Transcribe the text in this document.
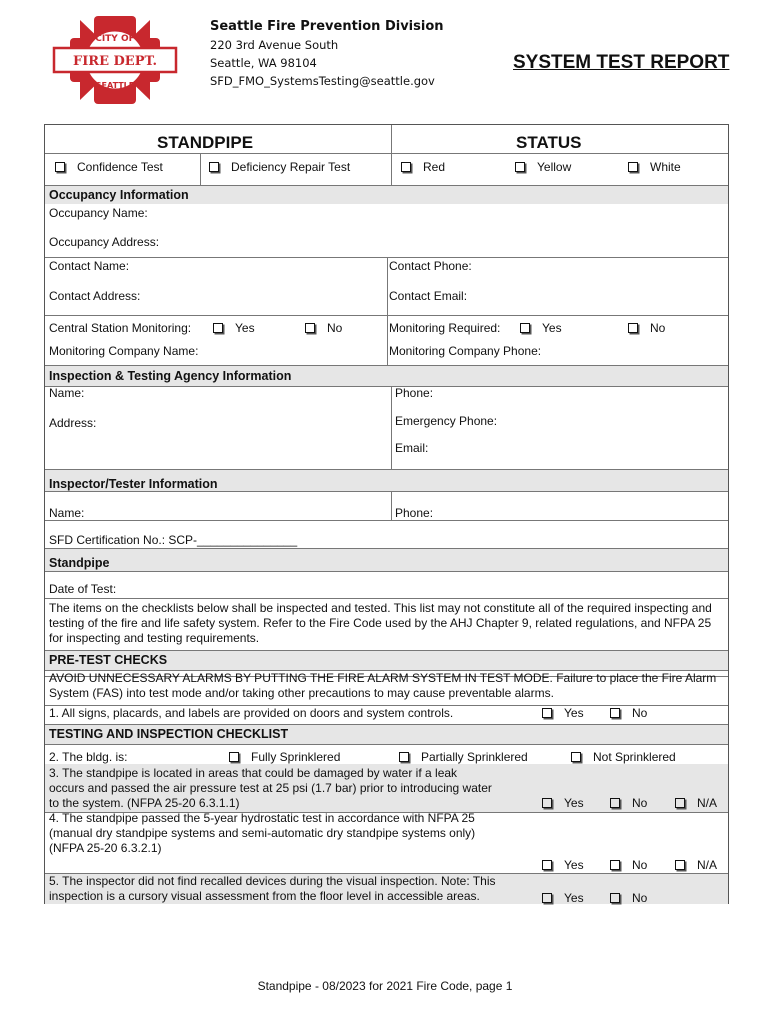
CITY OF
FIRE DEPT.
SEATTLE
Seattle Fire Prevention Division
220 3rd Avenue South
Seattle, WA 98104
SFD_FMO_SystemsTesting@seattle.gov
SYSTEM TEST REPORT
STANDPIPE	STATUS
Confidence Test	Deficiency Repair Test	Red	Yellow	White
Occupancy Information
Occupancy Name:
Occupancy Address:
Contact Name:	Contact Phone:
Contact Address:	Contact Email:
Central Station Monitoring:	Yes	No	Monitoring Required:	Yes	No
Monitoring Company Name:	Monitoring Company Phone:
Inspection & Testing Agency Information
Name:	Phone:
Address:	Emergency Phone:
Email:
Inspector/Tester Information
Name:	Phone:
SFD Certification No.: SCP-_______________
Standpipe
Date of Test:
The items on the checklists below shall be inspected and tested. This list may not constitute all of the required inspecting and testing of the fire and life safety system. Refer to the Fire Code used by the AHJ Chapter 9, related regulations, and NFPA 25 for inspecting and testing requirements.
PRE-TEST CHECKS
AVOID UNNECESSARY ALARMS BY PUTTING THE FIRE ALARM SYSTEM IN TEST MODE. Failure to place the Fire Alarm System (FAS) into test mode and/or taking other precautions to may cause preventable alarms.
1. All signs, placards, and labels are provided on doors and system controls.	Yes	No
TESTING AND INSPECTION CHECKLIST
2. The bldg. is:	Fully Sprinklered	Partially Sprinklered	Not Sprinklered
3. The standpipe is located in areas that could be damaged by water if a leak occurs and passed the air pressure test at 25 psi (1.7 bar) prior to introducing water to the system. (NFPA 25-20 6.3.1.1)	Yes	No	N/A
4. The standpipe passed the 5-year hydrostatic test in accordance with NFPA 25 (manual dry standpipe systems and semi-automatic dry standpipe systems only) (NFPA 25-20 6.3.2.1)
Yes	No	N/A
5. The inspector did not find recalled devices during the visual inspection. Note: This inspection is a cursory visual assessment from the floor level in accessible areas.	Yes	No
Standpipe - 08/2023 for 2021 Fire Code, page 1
